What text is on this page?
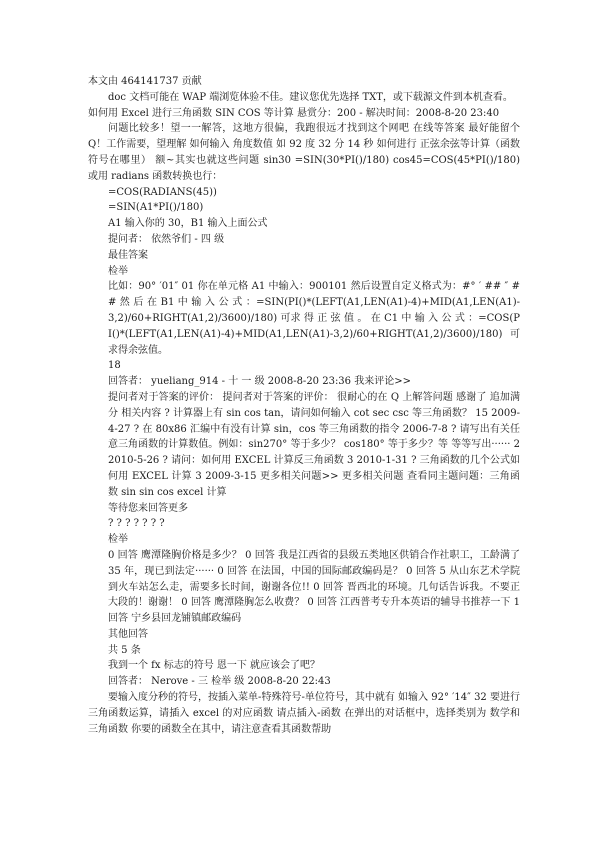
本文由 464141737 贡献

doc 文档可能在 WAP 端浏览体验不佳。建议您优先选择 TXT，或下载源文件到本机查看。

如何用 Excel 进行三角函数 SIN COS 等计算 悬赏分：200 - 解决时间：2008-8-20 23:40

问题比较多！望一一解答，这地方很偏，我跑很远才找到这个网吧 在线等答案 最好能留个 Q！工作需要，望理解 如何输入 角度数值 如 92 度 32 分 14 秒 如何进行 正弦余弦等计算（函数符号在哪里） 额~其实也就这些问题 sin30 =SIN(30*PI()/180) cos45=COS(45*PI()/180) 或用 radians 函数转换也行：

=COS(RADIANS(45))

=SIN(A1*PI()/180)

A1 输入你的 30，B1 输入上面公式

提问者： 依然爷们 - 四 级

最佳答案

检举

比如：90° ′01″ 01 你在单元格 A1 中输入：900101 然后设置自定义格式为：#° ′ ## ″ ## 然 后 在 B1 中 输 入 公 式 ：=SIN(PI()*(LEFT(A1,LEN(A1)-4)+MID(A1,LEN(A1)-3,2)/60+RIGHT(A1,2)/3600)/180) 可求 得 正 弦 值 。 在 C1 中 输 入 公 式 ：=COS(PI()*(LEFT(A1,LEN(A1)-4)+MID(A1,LEN(A1)-3,2)/60+RIGHT(A1,2)/3600)/180) 可求得余弦值。

18

回答者： yueliang_914 - 十 一 级 2008-8-20 23:36 我来评论>>

提问者对于答案的评价： 提问者对于答案的评价： 很耐心的在 Q 上解答问题 感谢了 追加满分 相关内容 ? 计算器上有 sin cos tan，请问如何输入 cot sec csc 等三角函数？ 15 2009-4-27 ? 在 80x86 汇编中有没有计算 sin，cos 等三角函数的指令 2006-7-8 ? 请写出有关任意三角函数的计算数值。例如：sin270° 等于多少？ cos180° 等于多少？等 等等写出······ 2 2010-5-26 ? 请问：如何用 EXCEL 计算反三角函数 3 2010-1-31 ? 三角函数的几个公式如何用 EXCEL 计算 3 2009-3-15 更多相关问题>> 更多相关问题 查看同主题问题：三角函数 sin sin cos excel 计算

等待您来回答更多

? ? ? ? ? ? ?

检举

0 回答 鹰潭隆胸价格是多少？ 0 回答 我是江西省的县级五类地区供销合作社职工，工龄满了 35 年，现已到法定······ 0 回答 在法国，中国的国际邮政编码是？ 0 回答 5 从山东艺术学院到火车站怎么走，需要多长时间，谢谢各位!! 0 回答 晋西北的环境。几句话告诉我。不要正大段的！谢谢！ 0 回答 鹰潭隆胸怎么收费？ 0 回答 江西普考专升本英语的辅导书推荐一下 1 回答 宁乡县回龙铺镇邮政编码

其他回答

共 5 条

我到一个 fx 标志的符号 恩一下 就应该会了吧？

回答者： Nerove - 三 检举 级 2008-8-20 22:43

要输入度分秒的符号，按插入菜单-特殊符号-单位符号，其中就有 如输入 92° ′14″ 32 要进行三角函数运算，请插入 excel 的对应函数 请点插入-函数 在弹出的对话框中，选择类别为 数学和三角函数 你要的函数全在其中，请注意查看其函数帮助
